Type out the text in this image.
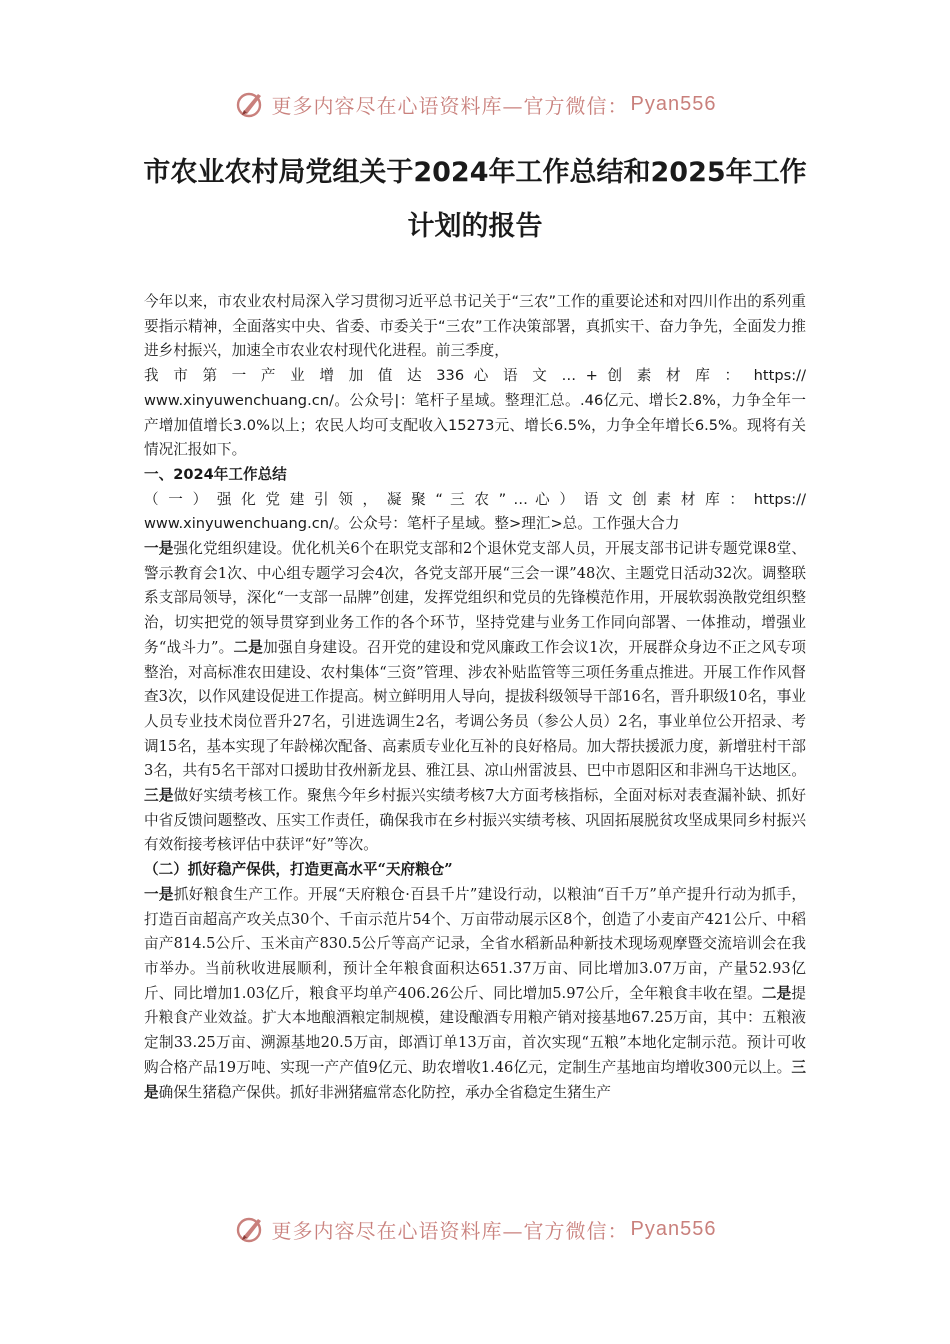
更多内容尽在心语资料库—官方微信： Pyan556
市农业农村局党组关于2024年工作总结和2025年工作计划的报告

今年以来，市农业农村局深入学习贯彻习近平总书记关于“三农”工作的重要论述和对四川作出的系列重要指示精神，全面落实中央、省委、市委关于“三农”工作决策部署，真抓实干、奋力争先，全面发力推进乡村振兴，加速全市农业农村现代化进程。前三季度，

我 市 第 一 产 业 增 加 值 达 336 心 语 文 … + 创 素 材 库 ： https://

www.xinyuwenchuang.cn/。公众号|：笔杆子星域。整理汇总。.46亿元、增长2.8%，力争全年一产增加值增长3.0%以上；农民人均可支配收入15273元、增长6.5%，力争全年增长6.5%。现将有关情况汇报如下。

一、2024年工作总结

（ 一 ） 强 化 党 建 引 领 ， 凝 聚 “ 三 农 ” … 心 ） 语 文 创 素 材 库 ： https://

www.xinyuwenchuang.cn/。公众号：笔杆子星域。整>理汇>总。工作强大合力

一是强化党组织建设。优化机关6个在职党支部和2个退休党支部人员，开展支部书记讲专题党课8堂、警示教育会1次、中心组专题学习会4次，各党支部开展“三会一课”48次、主题党日活动32次。调整联系支部局领导，深化“一支部一品牌”创建，发挥党组织和党员的先锋模范作用，开展软弱涣散党组织整治，切实把党的领导贯穿到业务工作的各个环节，坚持党建与业务工作同向部署、一体推动，增强业务“战斗力”。二是加强自身建设。召开党的建设和党风廉政工作会议1次，开展群众身边不正之风专项整治，对高标准农田建设、农村集体“三资”管理、涉农补贴监管等三项任务重点推进。开展工作作风督查3次，以作风建设促进工作提高。树立鲜明用人导向，提拔科级领导干部16名，晋升职级10名，事业人员专业技术岗位晋升27名，引进选调生2名，考调公务员（参公人员）2名，事业单位公开招录、考调15名，基本实现了年龄梯次配备、高素质专业化互补的良好格局。加大帮扶援派力度，新增驻村干部3名，共有5名干部对口援助甘孜州新龙县、雅江县、凉山州雷波县、巴中市恩阳区和非洲乌干达地区。三是做好实绩考核工作。聚焦今年乡村振兴实绩考核7大方面考核指标，全面对标对表查漏补缺、抓好中省反馈问题整改、压实工作责任，确保我市在乡村振兴实绩考核、巩固拓展脱贫攻坚成果同乡村振兴有效衔接考核评估中获评“好”等次。

（二）抓好稳产保供，打造更高水平“天府粮仓”

一是抓好粮食生产工作。开展“天府粮仓·百县千片”建设行动，以粮油“百千万”单产提升行动为抓手，打造百亩超高产攻关点30个、千亩示范片54个、万亩带动展示区8个，创造了小麦亩产421公斤、中稻亩产814.5公斤、玉米亩产830.5公斤等高产记录，全省水稻新品种新技术现场观摩暨交流培训会在我市举办。当前秋收进展顺利，预计全年粮食面积达651.37万亩、同比增加3.07万亩，产量52.93亿斤、同比增加1.03亿斤，粮食平均单产406.26公斤、同比增加5.97公斤，全年粮食丰收在望。二是提升粮食产业效益。扩大本地酿酒粮定制规模，建设酿酒专用粮产销对接基地67.25万亩，其中：五粮液定制33.25万亩、溯源基地20.5万亩，郎酒订单13万亩，首次实现“五粮”本地化定制示范。预计可收购合格产品19万吨、实现一产产值9亿元、助农增收1.46亿元，定制生产基地亩均增收300元以上。三是确保生猪稳产保供。抓好非洲猪瘟常态化防控，承办全省稳定生猪生产

更多内容尽在心语资料库—官方微信： Pyan556
